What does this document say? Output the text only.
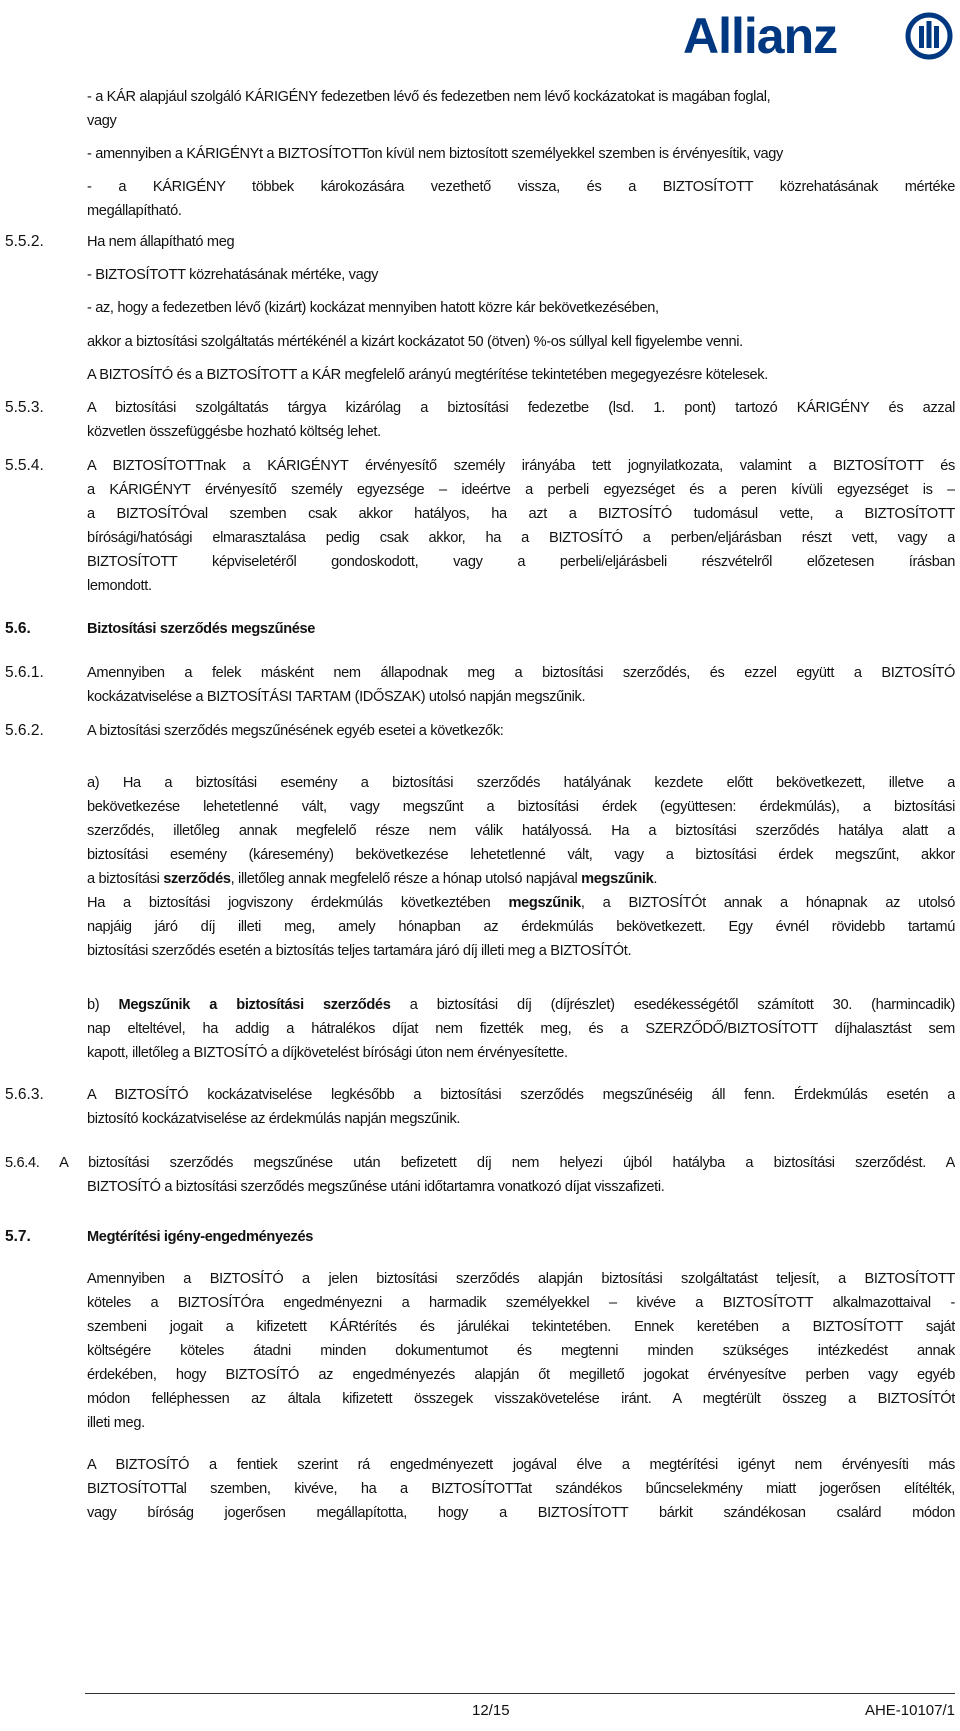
Allianz
- a KÁR alapjául szolgáló KÁRIGÉNY fedezetben lévő és fedezetben nem lévő kockázatokat is magában foglal,
vagy
- amennyiben a KÁRIGÉNYt a BIZTOSÍTOTTon kívül nem biztosított személyekkel szemben is érvényesítik, vagy
- a KÁRIGÉNY többek károkozására vezethető vissza, és a BIZTOSÍTOTT közrehatásának mértéke
megállapítható.
5.5.2.	Ha nem állapítható meg
- BIZTOSÍTOTT közrehatásának mértéke, vagy
- az, hogy a fedezetben lévő (kizárt) kockázat mennyiben hatott közre kár bekövetkezésében,
akkor a biztosítási szolgáltatás mértékénél a kizárt kockázatot 50 (ötven) %-os súllyal kell figyelembe venni.
A BIZTOSÍTÓ és a BIZTOSÍTOTT a KÁR megfelelő arányú megtérítése tekintetében megegyezésre kötelesek.
5.5.3.	A biztosítási szolgáltatás tárgya kizárólag a biztosítási fedezetbe (lsd. 1. pont) tartozó KÁRIGÉNY és azzal
közvetlen összefüggésbe hozható költség lehet.
5.5.4.	A BIZTOSÍTOTTnak a KÁRIGÉNYT érvényesítő személy irányába tett jognyilatkozata, valamint a BIZTOSÍTOTT és
a KÁRIGÉNYT érvényesítő személy egyezsége – ideértve a perbeli egyezséget és a peren kívüli egyezséget is –
a BIZTOSÍTÓval szemben csak akkor hatályos, ha azt a BIZTOSÍTÓ tudomásul vette, a BIZTOSÍTOTT
bírósági/hatósági elmarasztalása pedig csak akkor, ha a BIZTOSÍTÓ a perben/eljárásban részt vett, vagy a
BIZTOSÍTOTT képviseletéről gondoskodott, vagy a perbeli/eljárásbeli részvételről előzetesen írásban
lemondott.
5.6.	Biztosítási szerződés megszűnése
5.6.1.	Amennyiben a felek másként nem állapodnak meg a biztosítási szerződés, és ezzel együtt a BIZTOSÍTÓ
kockázatviselése a BIZTOSÍTÁSI TARTAM (IDŐSZAK) utolsó napján megszűnik.
5.6.2.	A biztosítási szerződés megszűnésének egyéb esetei a következők:
a) Ha a biztosítási esemény a biztosítási szerződés hatályának kezdete előtt bekövetkezett, illetve a
bekövetkezése lehetetlenné vált, vagy megszűnt a biztosítási érdek (együttesen: érdekmúlás), a biztosítási
szerződés, illetőleg annak megfelelő része nem válik hatályossá. Ha a biztosítási szerződés hatálya alatt a
biztosítási esemény (káresemény) bekövetkezése lehetetlenné vált, vagy a biztosítási érdek megszűnt, akkor
a biztosítási szerződés, illetőleg annak megfelelő része a hónap utolsó napjával megszűnik.
Ha a biztosítási jogviszony érdekmúlás következtében megszűnik, a BIZTOSÍTÓt annak a hónapnak az utolsó
napjáig járó díj illeti meg, amely hónapban az érdekmúlás bekövetkezett. Egy évnél rövidebb tartamú
biztosítási szerződés esetén a biztosítás teljes tartamára járó díj illeti meg a BIZTOSÍTÓt.
b) Megszűnik a biztosítási szerződés a biztosítási díj (díjrészlet) esedékességétől számított 30. (harmincadik)
nap elteltével, ha addig a hátralékos díjat nem fizették meg, és a SZERZŐDŐ/BIZTOSÍTOTT díjhalasztást sem
kapott, illetőleg a BIZTOSÍTÓ a díjkövetelést bírósági úton nem érvényesítette.
5.6.3.	A BIZTOSÍTÓ kockázatviselése legkésőbb a biztosítási szerződés megszűnéséig áll fenn. Érdekmúlás esetén a
biztosító kockázatviselése az érdekmúlás napján megszűnik.
5.6.4. A biztosítási szerződés megszűnése után befizetett díj nem helyezi újból hatályba a biztosítási szerződést. A
BIZTOSÍTÓ a biztosítási szerződés megszűnése utáni időtartamra vonatkozó díjat visszafizeti.
5.7.	Megtérítési igény-engedményezés
Amennyiben a BIZTOSÍTÓ a jelen biztosítási szerződés alapján biztosítási szolgáltatást teljesít, a BIZTOSÍTOTT
köteles a BIZTOSÍTÓra engedményezni a harmadik személyekkel – kivéve a BIZTOSÍTOTT alkalmazottaival -
szembeni jogait a kifizetett KÁRtérítés és járulékai tekintetében. Ennek keretében a BIZTOSÍTOTT saját
költségére köteles átadni minden dokumentumot és megtenni minden szükséges intézkedést annak
érdekében, hogy BIZTOSÍTÓ az engedményezés alapján őt megillető jogokat érvényesítve perben vagy egyéb
módon felléphessen az általa kifizetett összegek visszakövetelése iránt. A megtérült összeg a BIZTOSÍTÓt
illeti meg.
A BIZTOSÍTÓ a fentiek szerint rá engedményezett jogával élve a megtérítési igényt nem érvényesíti más
BIZTOSÍTOTTal szemben, kivéve, ha a BIZTOSÍTOTTat szándékos bűncselekmény miatt jogerősen elítélték,
vagy bíróság jogerősen megállapította, hogy a BIZTOSÍTOTT bárkit szándékosan csalárd módon
12/15	AHE-10107/1
